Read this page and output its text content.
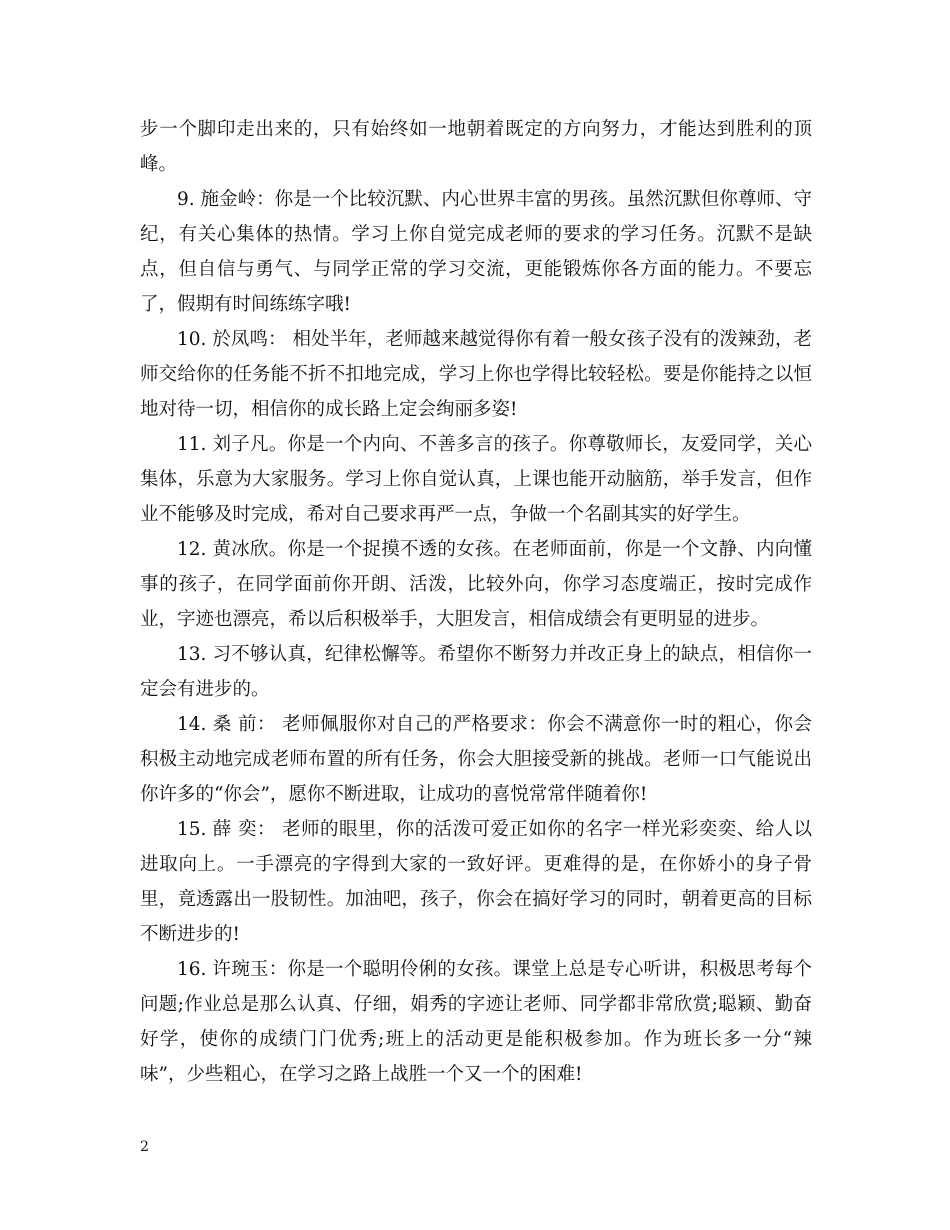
步一个脚印走出来的，只有始终如一地朝着既定的方向努力，才能达到胜利的顶峰。

9. 施金岭：你是一个比较沉默、内心世界丰富的男孩。虽然沉默但你尊师、守纪，有关心集体的热情。学习上你自觉完成老师的要求的学习任务。沉默不是缺点，但自信与勇气、与同学正常的学习交流，更能锻炼你各方面的能力。不要忘了，假期有时间练练字哦!

10. 於凤鸣： 相处半年，老师越来越觉得你有着一般女孩子没有的泼辣劲，老师交给你的任务能不折不扣地完成，学习上你也学得比较轻松。要是你能持之以恒地对待一切，相信你的成长路上定会绚丽多姿!

11. 刘子凡。你是一个内向、不善多言的孩子。你尊敬师长，友爱同学，关心集体，乐意为大家服务。学习上你自觉认真，上课也能开动脑筋，举手发言，但作业不能够及时完成，希对自己要求再严一点，争做一个名副其实的好学生。

12. 黄冰欣。你是一个捉摸不透的女孩。在老师面前，你是一个文静、内向懂事的孩子，在同学面前你开朗、活泼，比较外向，你学习态度端正，按时完成作业，字迹也漂亮，希以后积极举手，大胆发言，相信成绩会有更明显的进步。

13. 习不够认真，纪律松懈等。希望你不断努力并改正身上的缺点，相信你一定会有进步的。

14. 桑 前： 老师佩服你对自己的严格要求：你会不满意你一时的粗心，你会积极主动地完成老师布置的所有任务，你会大胆接受新的挑战。老师一口气能说出你许多的“你会”，愿你不断进取，让成功的喜悦常常伴随着你!

15. 薛 奕： 老师的眼里，你的活泼可爱正如你的名字一样光彩奕奕、给人以进取向上。一手漂亮的字得到大家的一致好评。更难得的是，在你娇小的身子骨里，竟透露出一股韧性。加油吧，孩子，你会在搞好学习的同时，朝着更高的目标不断进步的!

16. 许琬玉：你是一个聪明伶俐的女孩。课堂上总是专心听讲，积极思考每个问题;作业总是那么认真、仔细，娟秀的字迹让老师、同学都非常欣赏;聪颖、勤奋好学，使你的成绩门门优秀;班上的活动更是能积极参加。作为班长多一分“辣味”，少些粗心，在学习之路上战胜一个又一个的困难!

2
